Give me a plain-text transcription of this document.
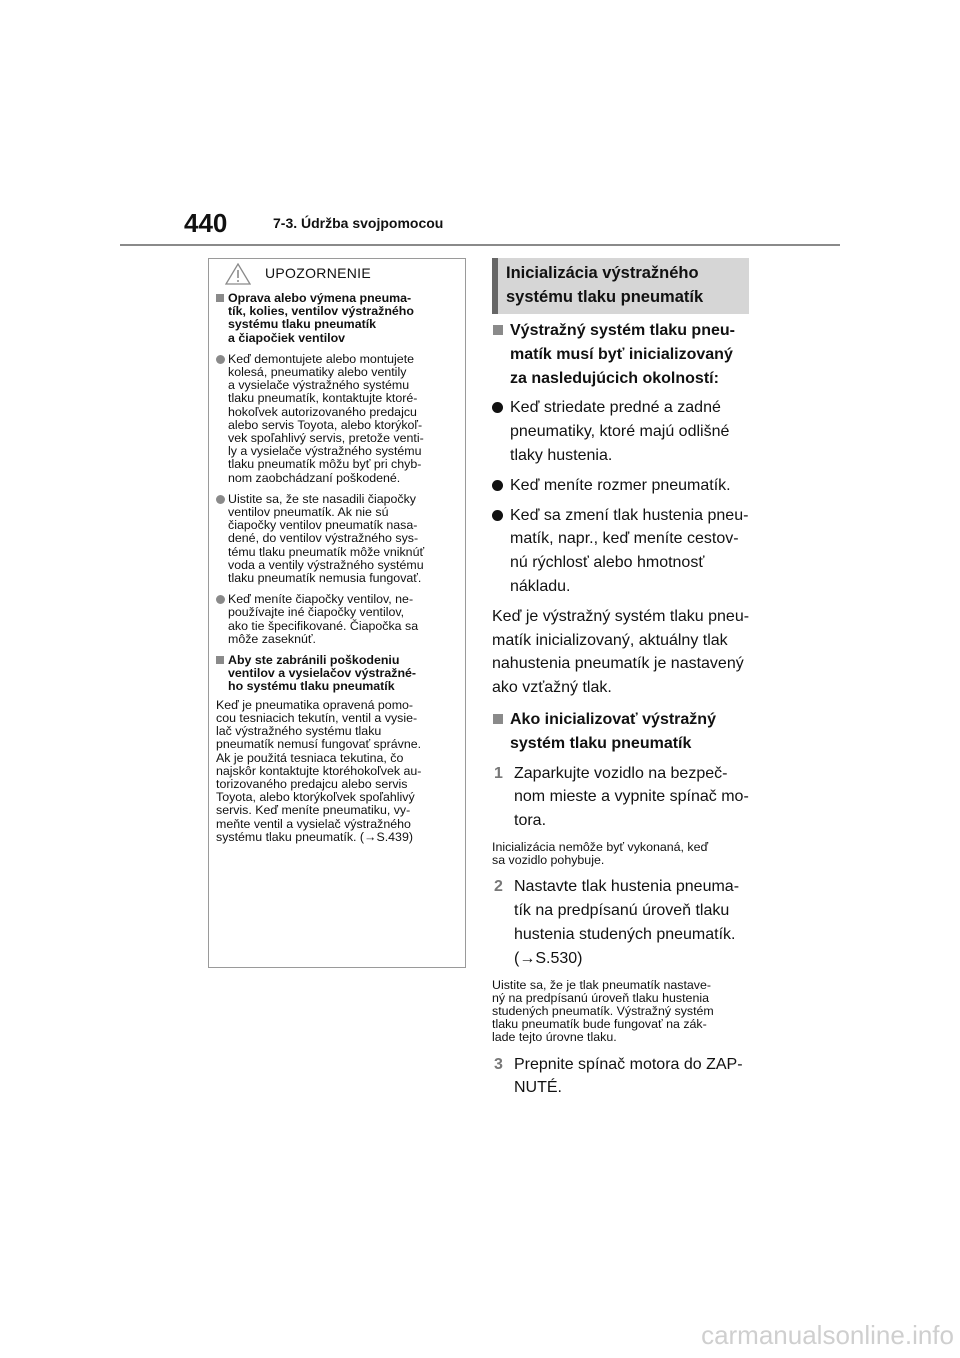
440	7-3. Údržba svojpomocou
UPOZORNENIE
Oprava alebo výmena pneuma-
tík, kolies, ventilov výstražného
systému tlaku pneumatík
a čiapočiek ventilov
Keď demontujete alebo montujete
kolesá, pneumatiky alebo ventily
a vysielače výstražného systému
tlaku pneumatík, kontaktujte ktoré-
hokoľvek autorizovaného predajcu
alebo servis Toyota, alebo ktorýkoľ-
vek spoľahlivý servis, pretože venti-
ly a vysielače výstražného systému
tlaku pneumatík môžu byť pri chyb-
nom zaobchádzaní poškodené.
Uistite sa, že ste nasadili čiapočky
ventilov pneumatík. Ak nie sú
čiapočky ventilov pneumatík nasa-
dené, do ventilov výstražného sys-
tému tlaku pneumatík môže vniknúť
voda a ventily výstražného systému
tlaku pneumatík nemusia fungovať.
Keď meníte čiapočky ventilov, ne-
používajte iné čiapočky ventilov,
ako tie špecifikované. Čiapočka sa
môže zaseknúť.
Aby ste zabránili poškodeniu
ventilov a vysielačov výstražné-
ho systému tlaku pneumatík
Keď je pneumatika opravená pomo-
cou tesniacich tekutín, ventil a vysie-
lač výstražného systému tlaku
pneumatík nemusí fungovať správne.
Ak je použitá tesniaca tekutina, čo
najskôr kontaktujte ktoréhokoľvek au-
torizovaného predajcu alebo servis
Toyota, alebo ktorýkoľvek spoľahlivý
servis. Keď meníte pneumatiku, vy-
meňte ventil a vysielač výstražného
systému tlaku pneumatík. (→S.439)
Inicializácia výstražného
systému tlaku pneumatík
Výstražný systém tlaku pneu-
matík musí byť inicializovaný
za nasledujúcich okolností:
Keď striedate predné a zadné
pneumatiky, ktoré majú odlišné
tlaky hustenia.
Keď meníte rozmer pneumatík.
Keď sa zmení tlak hustenia pneu-
matík, napr., keď meníte cestov-
nú rýchlosť alebo hmotnosť
nákladu.
Keď je výstražný systém tlaku pneu-
matík inicializovaný, aktuálny tlak
nahustenia pneumatík je nastavený
ako vzťažný tlak.
Ako inicializovať výstražný
systém tlaku pneumatík
1 Zaparkujte vozidlo na bezpeč-
nom mieste a vypnite spínač mo-
tora.
Inicializácia nemôže byť vykonaná, keď
sa vozidlo pohybuje.
2 Nastavte tlak hustenia pneuma-
tík na predpísanú úroveň tlaku
hustenia studených pneumatík.
(→S.530)
Uistite sa, že je tlak pneumatík nastave-
ný na predpísanú úroveň tlaku hustenia
studených pneumatík. Výstražný systém
tlaku pneumatík bude fungovať na zák-
lade tejto úrovne tlaku.
3 Prepnite spínač motora do ZAP-
NUTÉ.
carmanualsonline.info
